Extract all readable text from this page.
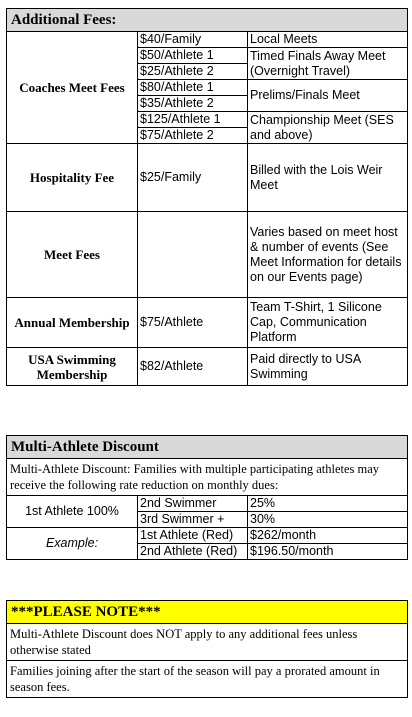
Additional Fees:		
Coaches Meet Fees	$40/Family	Local Meets
	$50/Athlete 1	Timed Finals Away Meet (Overnight Travel)
	$25/Athlete 2	
	$80/Athlete 1	Prelims/Finals Meet
	$35/Athlete 2	
	$125/Athlete 1	Championship Meet (SES and above)
	$75/Athlete 2	
Hospitality Fee	$25/Family	Billed with the Lois Weir Meet
Meet Fees		Varies based on meet host & number of events (See Meet Information for details on our Events page)
Annual Membership	$75/Athlete	Team T-Shirt, 1 Silicone Cap, Communication Platform
USA Swimming Membership	$82/Athlete	Paid directly to USA Swimming
Multi-Athlete Discount		
Multi-Athlete Discount: Families with multiple participating athletes may receive the following rate reduction on monthly dues:		
1st Athlete 100%	2nd Swimmer	25%
	3rd Swimmer +	30%
Example:	1st Athlete (Red)	$262/month
	2nd Athlete (Red)	$196.50/month
***PLEASE NOTE***
Multi-Athlete Discount does NOT apply to any additional fees unless otherwise stated
Families joining after the start of the season will pay a prorated amount in season fees.
